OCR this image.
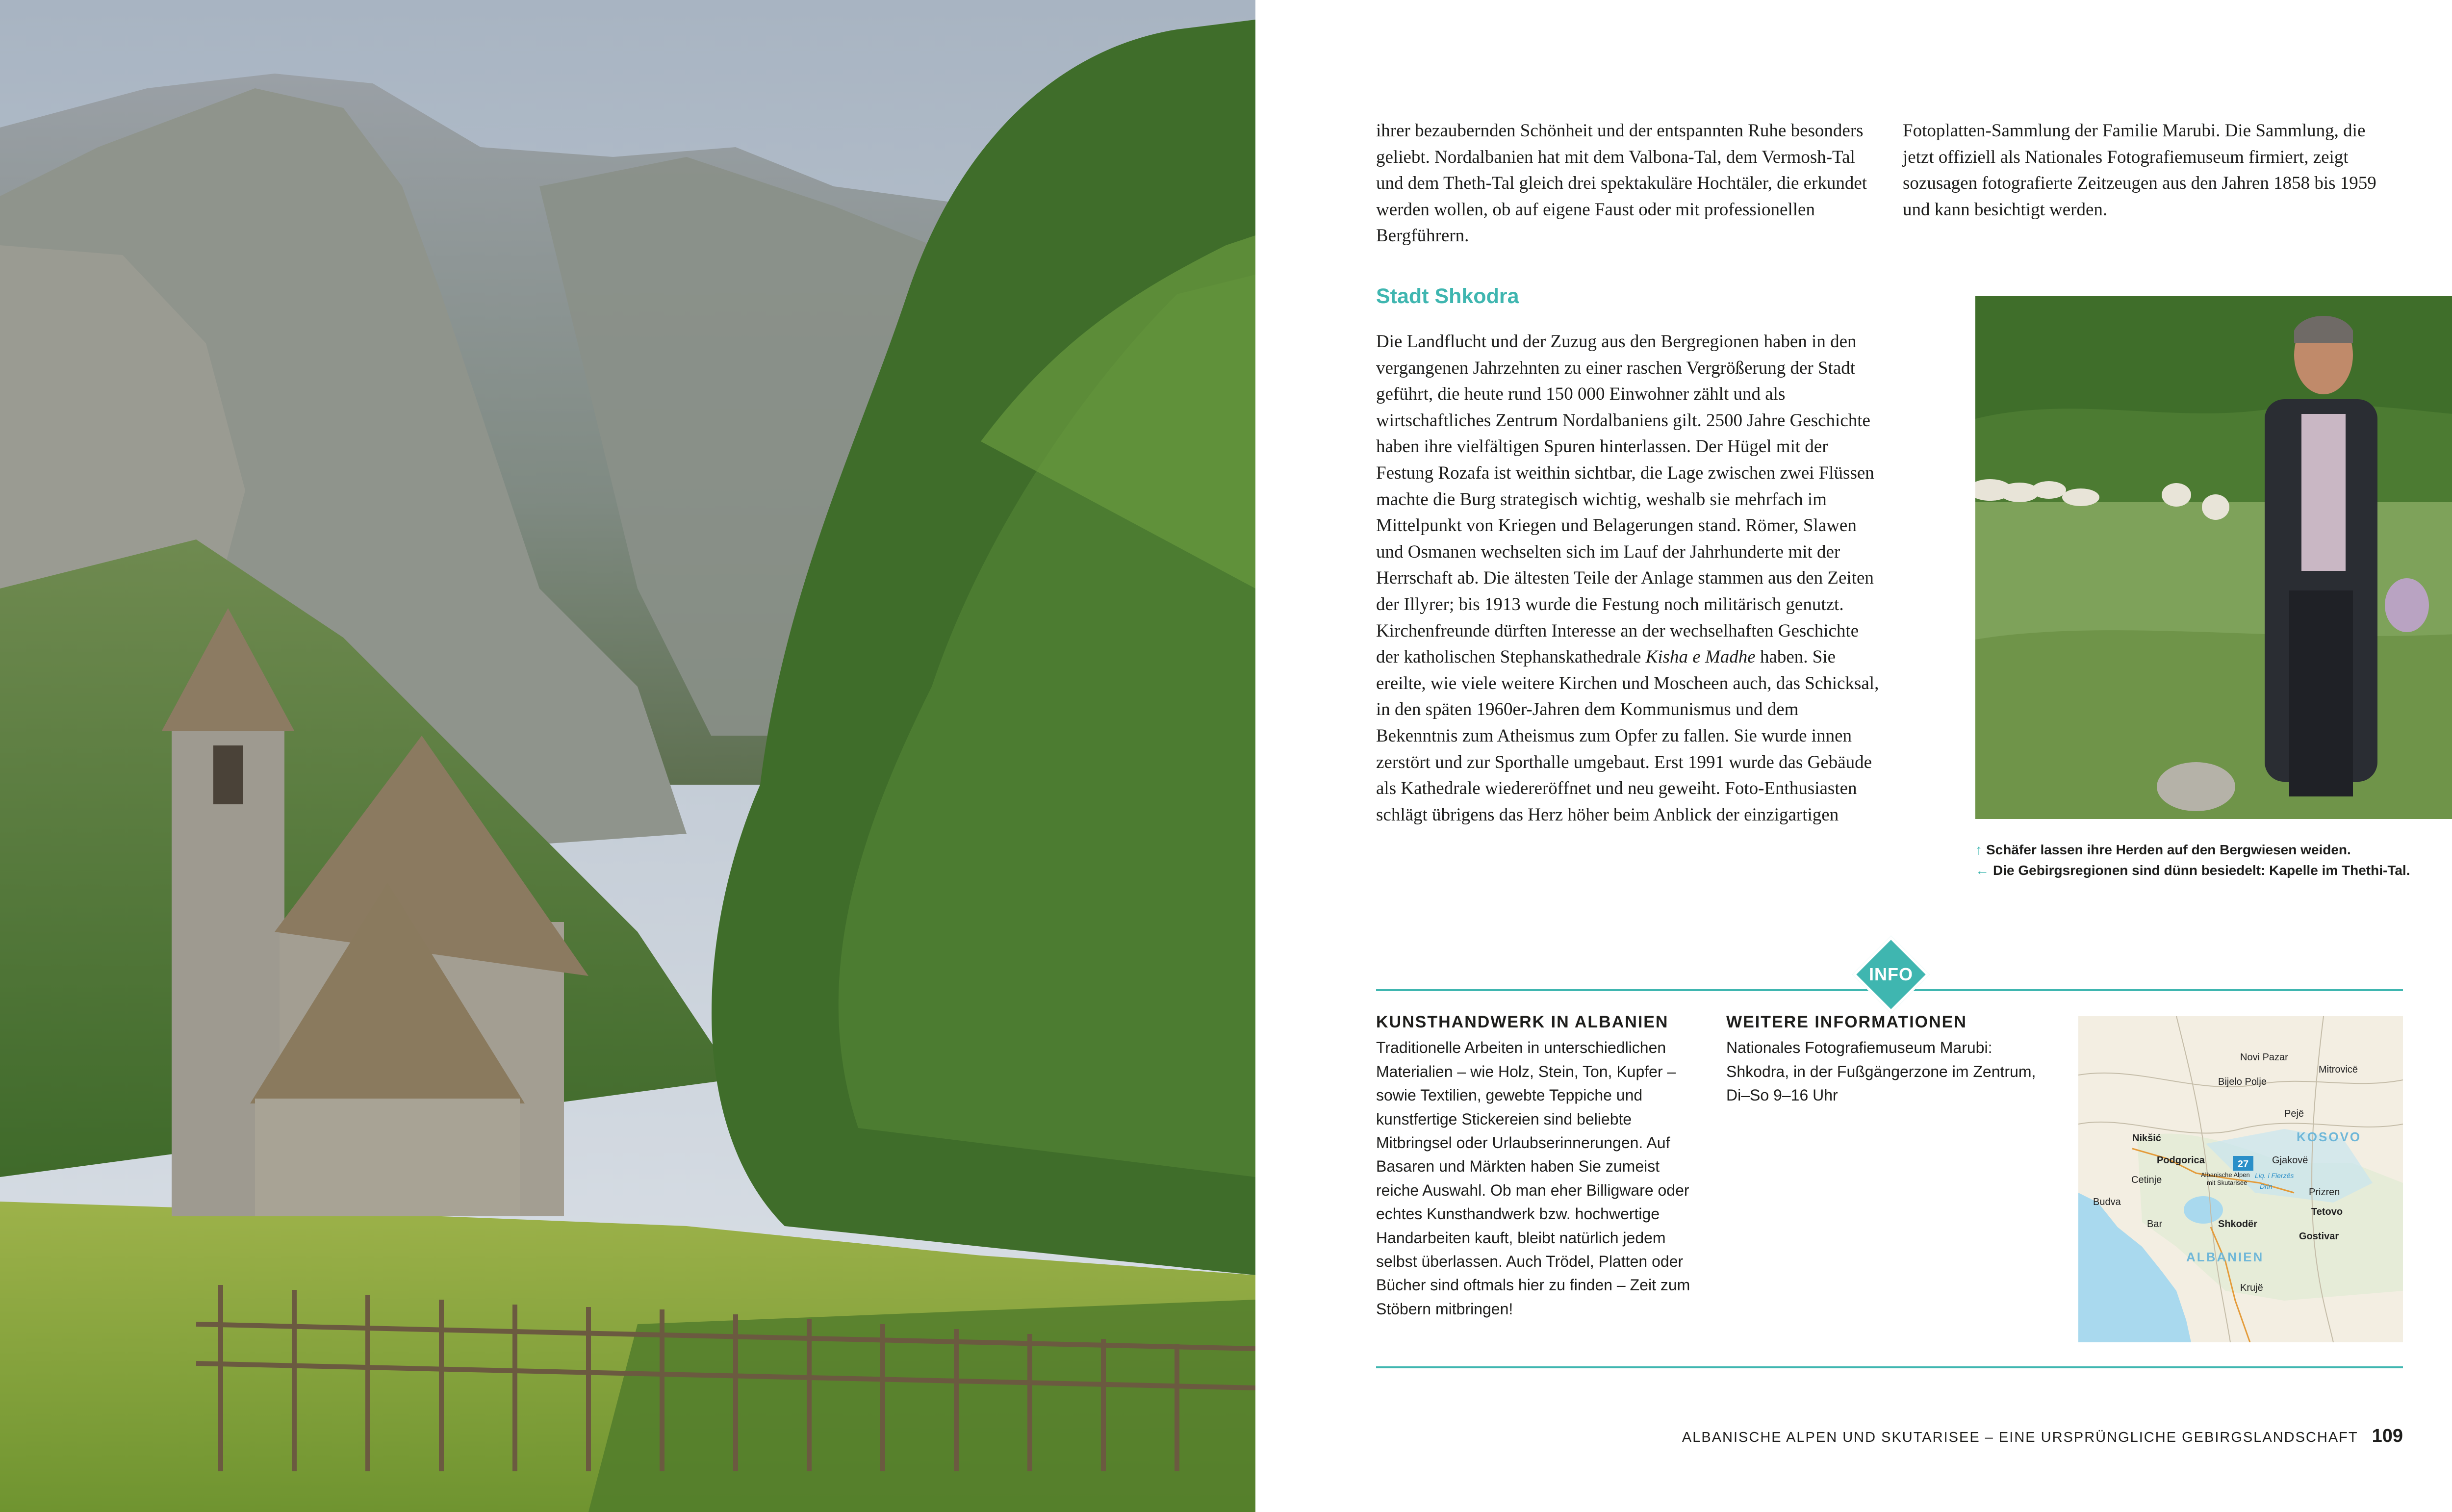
ihrer bezaubernden Schönheit und der entspannten Ruhe besonders geliebt. Nordalbanien hat mit dem Valbona-Tal, dem Vermosh-Tal und dem Theth-Tal gleich drei spektakuläre Hochtäler, die erkundet werden wollen, ob auf eigene Faust oder mit professionellen Bergführern.

Fotoplatten-Sammlung der Familie Marubi. Die Sammlung, die jetzt offiziell als Nationales Fotografiemuseum firmiert, zeigt sozusagen fotografierte Zeitzeugen aus den Jahren 1858 bis 1959 und kann besichtigt werden.

Stadt Shkodra

Die Landflucht und der Zuzug aus den Bergregionen haben in den vergangenen Jahrzehnten zu einer raschen Vergrößerung der Stadt geführt, die heute rund 150 000 Einwohner zählt und als wirtschaftliches Zentrum Nordalbaniens gilt. 2500 Jahre Geschichte haben ihre vielfältigen Spuren hinterlassen. Der Hügel mit der Festung Rozafa ist weithin sichtbar, die Lage zwischen zwei Flüssen machte die Burg strategisch wichtig, weshalb sie mehrfach im Mittelpunkt von Kriegen und Belagerungen stand. Römer, Slawen und Osmanen wechselten sich im Lauf der Jahrhunderte mit der Herrschaft ab. Die ältesten Teile der Anlage stammen aus den Zeiten der Illyrer; bis 1913 wurde die Festung noch militärisch genutzt.

Kirchenfreunde dürften Interesse an der wechselhaften Geschichte der katholischen Stephanskathedrale Kisha e Madhe haben. Sie ereilte, wie viele weitere Kirchen und Moscheen auch, das Schicksal, in den späten 1960er-Jahren dem Kommunismus und dem Bekenntnis zum Atheismus zum Opfer zu fallen. Sie wurde innen zerstört und zur Sporthalle umgebaut. Erst 1991 wurde das Gebäude als Kathedrale wiedereröffnet und neu geweiht. Foto-Enthusiasten schlägt übrigens das Herz höher beim Anblick der einzigartigen

↑ Schäfer lassen ihre Herden auf den Bergwiesen weiden.
← Die Gebirgsregionen sind dünn besiedelt: Kapelle im Thethi-Tal.
INFO
KUNSTHANDWERK IN ALBANIEN

Traditionelle Arbeiten in unterschiedlichen Materialien – wie Holz, Stein, Ton, Kupfer – sowie Textilien, gewebte Teppiche und kunstfertige Stickereien sind beliebte Mitbringsel oder Urlaubserinnerungen. Auf Basaren und Märkten haben Sie zumeist reiche Auswahl. Ob man eher Billigware oder echtes Kunsthandwerk bzw. hochwertige Handarbeiten kauft, bleibt natürlich jedem selbst überlassen. Auch Trödel, Platten oder Bücher sind oftmals hier zu finden – Zeit zum Stöbern mitbringen!

WEITERE INFORMATIONEN

Nationales Fotografiemuseum Marubi: Shkodra, in der Fußgängerzone im Zentrum, Di–So 9–16 Uhr

Novi Pazar
Bijelo Polje
Mitrovicë
Nikšić
Pejë
Podgorica	Gjakovë
Cetinje
Prizren
Budva
Tetovo
Bar	Shkodër
Gostivar
Krujë
Albanische Alpen
mit Skutarisee
Liq. i Fierzës
Drin
KOSOVO
ALBANIEN
27
ALBANISCHE ALPEN UND SKUTARISEE – EINE URSPRÜNGLICHE GEBIRGSLANDSCHAFT 109
